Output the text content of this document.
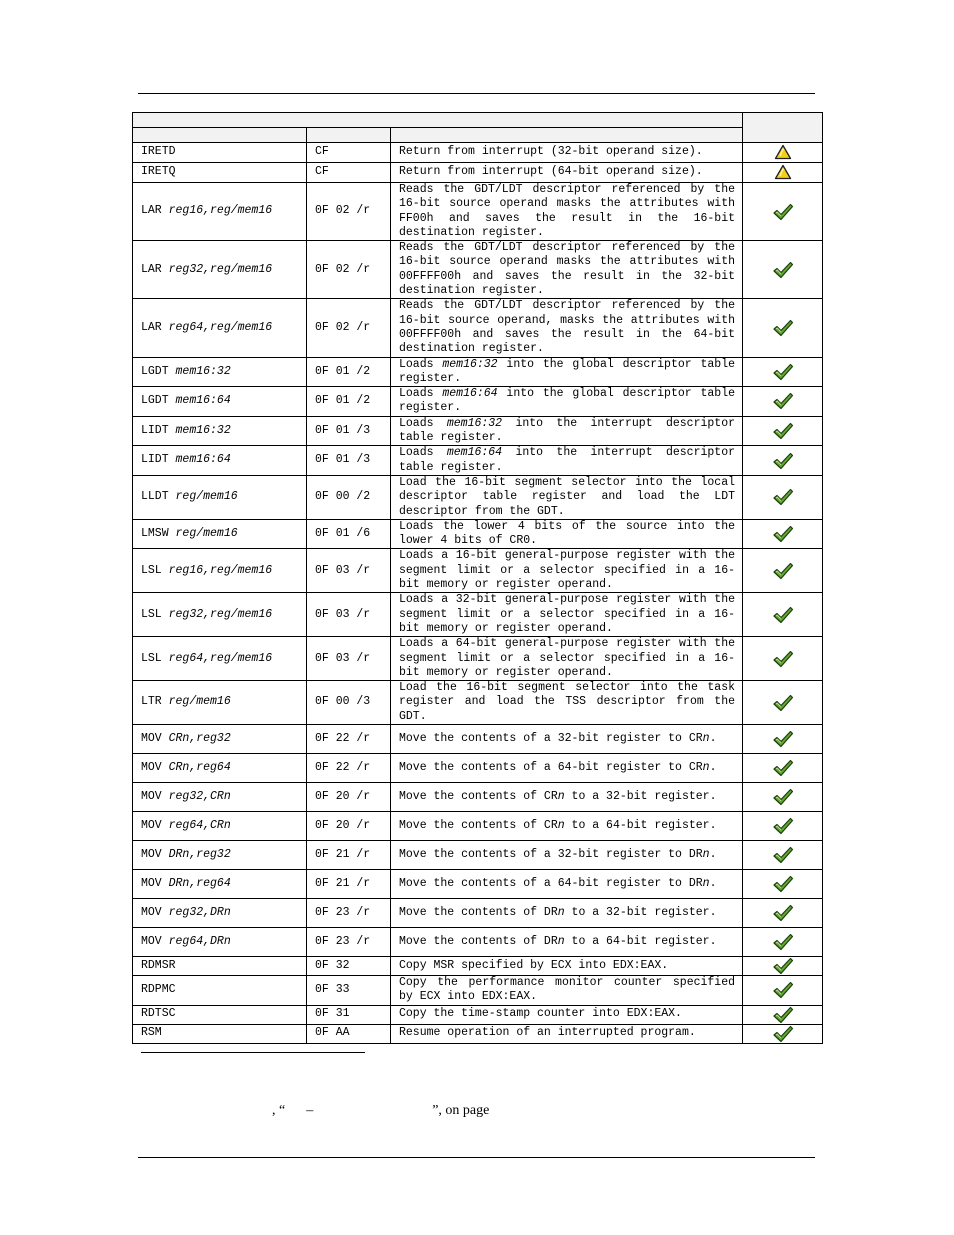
IRETD	CF	Return from interrupt (32-bit operand size).	
IRETQ	CF	Return from interrupt (64-bit operand size).	
LAR reg16,reg/mem16	0F 02 /r	Reads the GDT/LDT descriptor referenced by the 16-bit source operand masks the attributes with FF00h and saves the result in the 16-bit destination register.	
LAR reg32,reg/mem16	0F 02 /r	Reads the GDT/LDT descriptor referenced by the 16-bit source operand masks the attributes with 00FFFF00h and saves the result in the 32-bit destination register.	
LAR reg64,reg/mem16	0F 02 /r	Reads the GDT/LDT descriptor referenced by the 16-bit source operand, masks the attributes with 00FFFF00h and saves the result in the 64-bit destination register.	
LGDT mem16:32	0F 01 /2	Loads mem16:32 into the global descriptor table register.	
LGDT mem16:64	0F 01 /2	Loads mem16:64 into the global descriptor table register.	
LIDT mem16:32	0F 01 /3	Loads mem16:32 into the interrupt descriptor table register.	
LIDT mem16:64	0F 01 /3	Loads mem16:64 into the interrupt descriptor table register.	
LLDT reg/mem16	0F 00 /2	Load the 16-bit segment selector into the local descriptor table register and load the LDT descriptor from the GDT.	
LMSW reg/mem16	0F 01 /6	Loads the lower 4 bits of the source into the lower 4 bits of CR0.	
LSL reg16,reg/mem16	0F 03 /r	Loads a 16-bit general-purpose register with the segment limit or a selector specified in a 16-bit memory or register operand.	
LSL reg32,reg/mem16	0F 03 /r	Loads a 32-bit general-purpose register with the segment limit or a selector specified in a 16-bit memory or register operand.	
LSL reg64,reg/mem16	0F 03 /r	Loads a 64-bit general-purpose register with the segment limit or a selector specified in a 16-bit memory or register operand.	
LTR reg/mem16	0F 00 /3	Load the 16-bit segment selector into the task register and load the TSS descriptor from the GDT.	
MOV CRn,reg32	0F 22 /r	Move the contents of a 32-bit register to CRn.	
MOV CRn,reg64	0F 22 /r	Move the contents of a 64-bit register to CRn.	
MOV reg32,CRn	0F 20 /r	Move the contents of CRn to a 32-bit register.	
MOV reg64,CRn	0F 20 /r	Move the contents of CRn to a 64-bit register.	
MOV DRn,reg32	0F 21 /r	Move the contents of a 32-bit register to DRn.	
MOV DRn,reg64	0F 21 /r	Move the contents of a 64-bit register to DRn.	
MOV reg32,DRn	0F 23 /r	Move the contents of DRn to a 32-bit register.	
MOV reg64,DRn	0F 23 /r	Move the contents of DRn to a 64-bit register.	
RDMSR	0F 32	Copy MSR specified by ECX into EDX:EAX.	
RDPMC	0F 33	Copy the performance monitor counter specified by ECX into EDX:EAX.	
RDTSC	0F 31	Copy the time-stamp counter into EDX:EAX.	
RSM	0F AA	Resume operation of an interrupted program.	
, “      –                                  ”, on page
